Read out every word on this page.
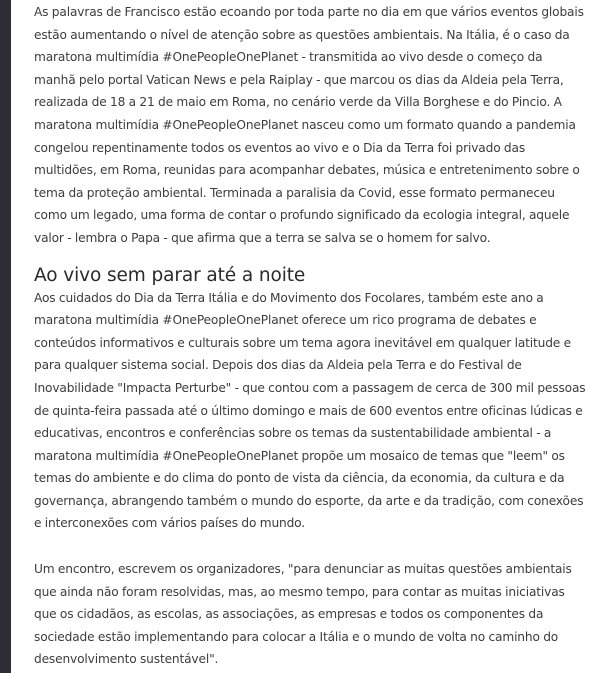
As palavras de Francisco estão ecoando por toda parte no dia em que vários eventos globais estão aumentando o nível de atenção sobre as questões ambientais. Na Itália, é o caso da maratona multimídia #OnePeopleOnePlanet - transmitida ao vivo desde o começo da manhã pelo portal Vatican News e pela Raiplay - que marcou os dias da Aldeia pela Terra, realizada de 18 a 21 de maio em Roma, no cenário verde da Villa Borghese e do Pincio. A maratona multimídia #OnePeopleOnePlanet nasceu como um formato quando a pandemia congelou repentinamente todos os eventos ao vivo e o Dia da Terra foi privado das multidões, em Roma, reunidas para acompanhar debates, música e entretenimento sobre o tema da proteção ambiental. Terminada a paralisia da Covid, esse formato permaneceu como um legado, uma forma de contar o profundo significado da ecologia integral, aquele valor - lembra o Papa - que afirma que a terra se salva se o homem for salvo.

Ao vivo sem parar até a noite

Aos cuidados do Dia da Terra Itália e do Movimento dos Focolares, também este ano a maratona multimídia #OnePeopleOnePlanet oferece um rico programa de debates e conteúdos informativos e culturais sobre um tema agora inevitável em qualquer latitude e para qualquer sistema social. Depois dos dias da Aldeia pela Terra e do Festival de Inovabilidade "Impacta Perturbe" - que contou com a passagem de cerca de 300 mil pessoas de quinta-feira passada até o último domingo e mais de 600 eventos entre oficinas lúdicas e educativas, encontros e conferências sobre os temas da sustentabilidade ambiental - a maratona multimídia #OnePeopleOnePlanet propõe um mosaico de temas que "leem" os temas do ambiente e do clima do ponto de vista da ciência, da economia, da cultura e da governança, abrangendo também o mundo do esporte, da arte e da tradição, com conexões e interconexões com vários países do mundo.

Um encontro, escrevem os organizadores, "para denunciar as muitas questões ambientais que ainda não foram resolvidas, mas, ao mesmo tempo, para contar as muitas iniciativas que os cidadãos, as escolas, as associações, as empresas e todos os componentes da sociedade estão implementando para colocar a Itália e o mundo de volta no caminho do desenvolvimento sustentável".
